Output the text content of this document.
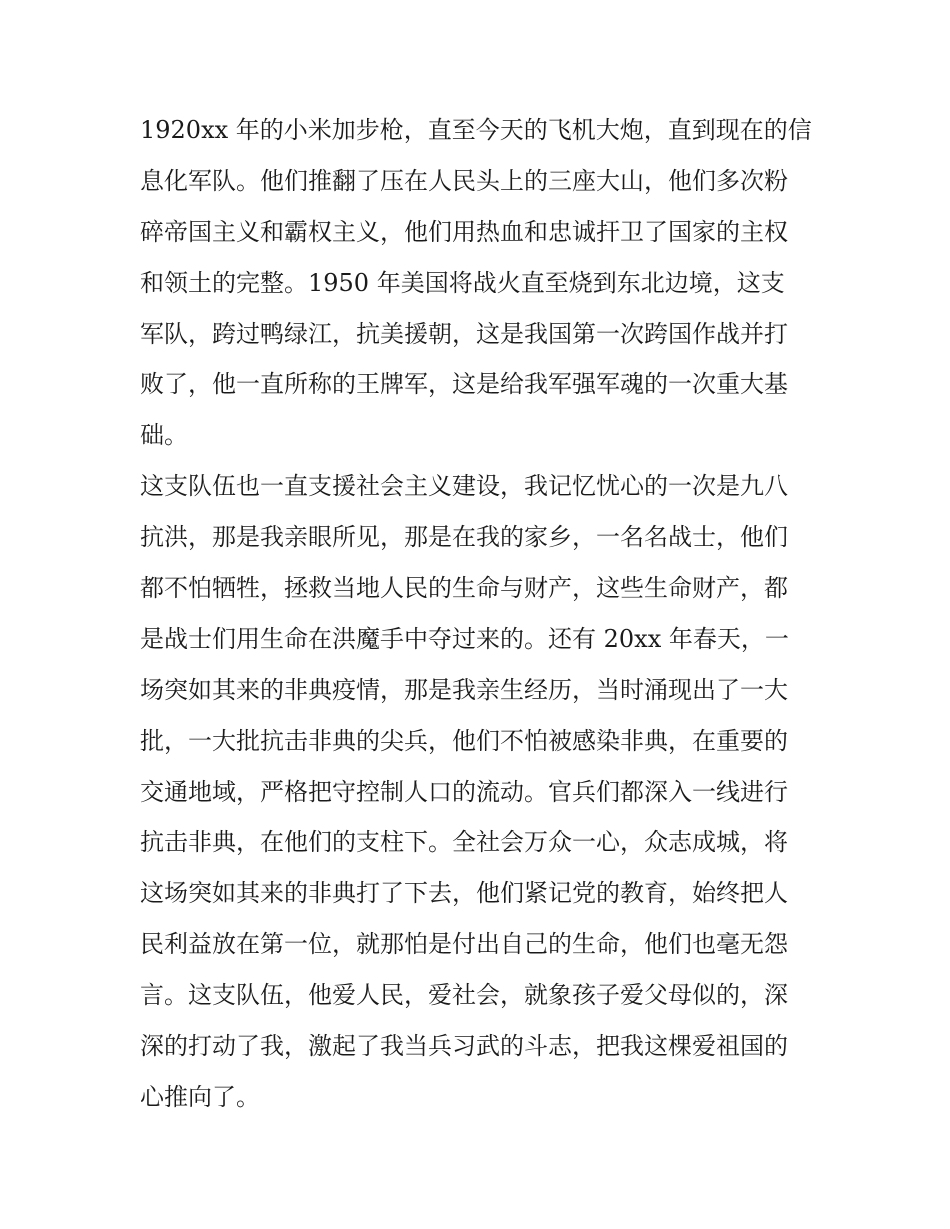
1920xx 年的小米加步枪，直至今天的飞机大炮，直到现在的信
息化军队。他们推翻了压在人民头上的三座大山，他们多次粉
碎帝国主义和霸权主义，他们用热血和忠诚扞卫了国家的主权
和领土的完整。1950 年美国将战火直至烧到东北边境，这支
军队，跨过鸭绿江，抗美援朝，这是我国第一次跨国作战并打
败了，他一直所称的王牌军，这是给我军强军魂的一次重大基
础。
这支队伍也一直支援社会主义建设，我记忆忧心的一次是九八
抗洪，那是我亲眼所见，那是在我的家乡，一名名战士，他们
都不怕牺牲，拯救当地人民的生命与财产，这些生命财产，都
是战士们用生命在洪魔手中夺过来的。还有 20xx 年春天，一
场突如其来的非典疫情，那是我亲生经历，当时涌现出了一大
批，一大批抗击非典的尖兵，他们不怕被感染非典，在重要的
交通地域，严格把守控制人口的流动。官兵们都深入一线进行
抗击非典，在他们的支柱下。全社会万众一心，众志成城，将
这场突如其来的非典打了下去，他们紧记党的教育，始终把人
民利益放在第一位，就那怕是付出自己的生命，他们也毫无怨
言。这支队伍，他爱人民，爱社会，就象孩子爱父母似的，深
深的打动了我，激起了我当兵习武的斗志，把我这棵爱祖国的
心推向了。
